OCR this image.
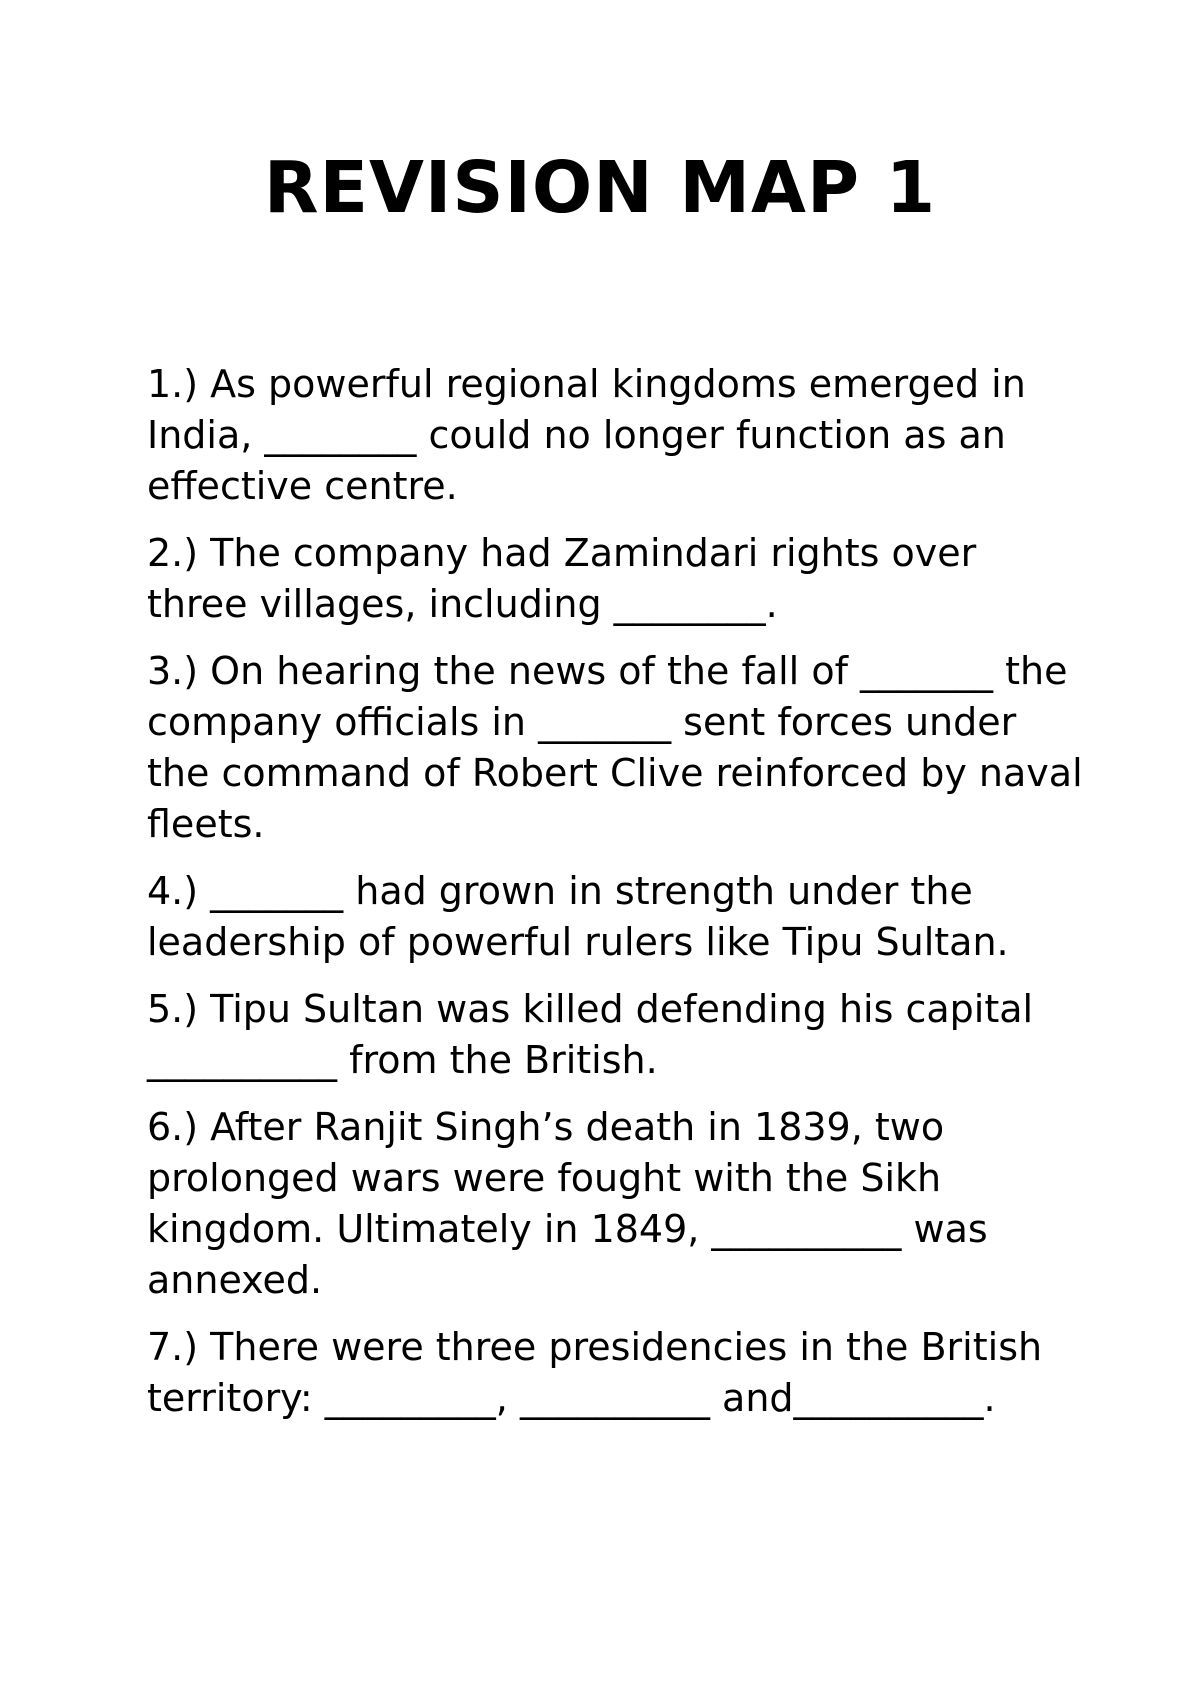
REVISION MAP 1
1.) As powerful regional kingdoms emerged in India, ________ could no longer function as an effective centre.
2.) The company had Zamindari rights over three villages, including ________.
3.) On hearing the news of the fall of _______ the company officials in _______ sent forces under the command of Robert Clive reinforced by naval fleets.
4.) _______ had grown in strength under the leadership of powerful rulers like Tipu Sultan.
5.) Tipu Sultan was killed defending his capital __________ from the British.
6.) After Ranjit Singh’s death in 1839, two prolonged wars were fought with the Sikh kingdom. Ultimately in 1849, __________ was annexed.
7.) There were three presidencies in the British territory: _________, __________ and__________.
